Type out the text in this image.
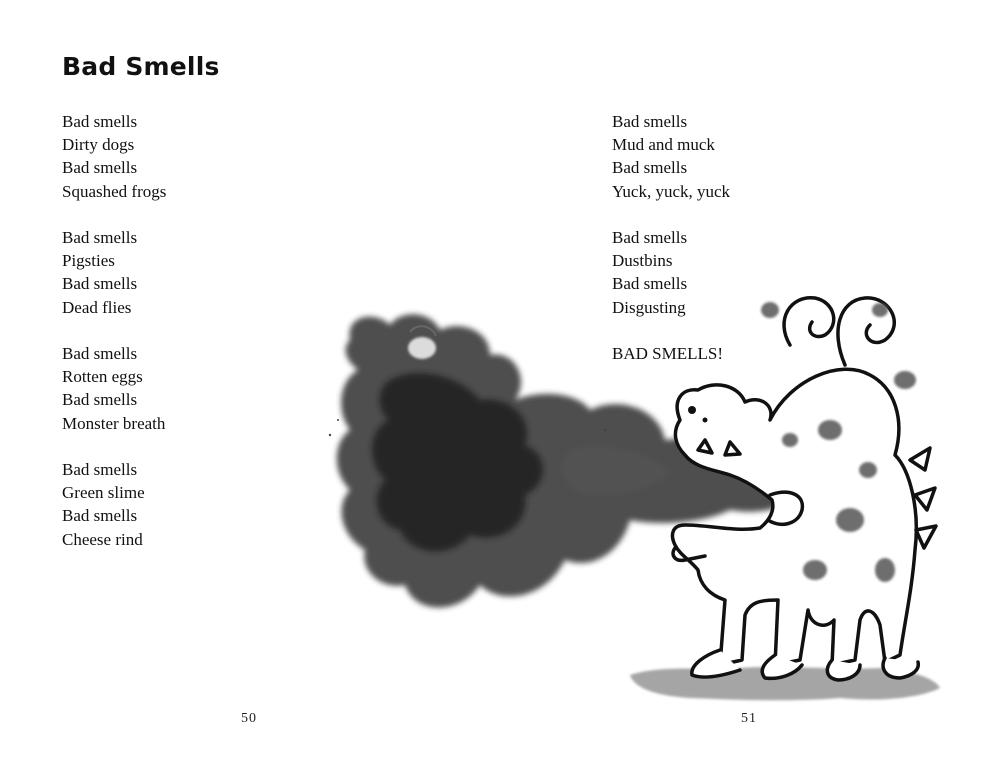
Bad Smells
Bad smells
Dirty dogs
Bad smells
Squashed frogs
Bad smells
Pigsties
Bad smells
Dead flies
Bad smells
Rotten eggs
Bad smells
Monster breath
Bad smells
Green slime
Bad smells
Cheese rind
Bad smells
Mud and muck
Bad smells
Yuck, yuck, yuck
Bad smells
Dustbins
Bad smells
Disgusting
BAD SMELLS!
50	51
